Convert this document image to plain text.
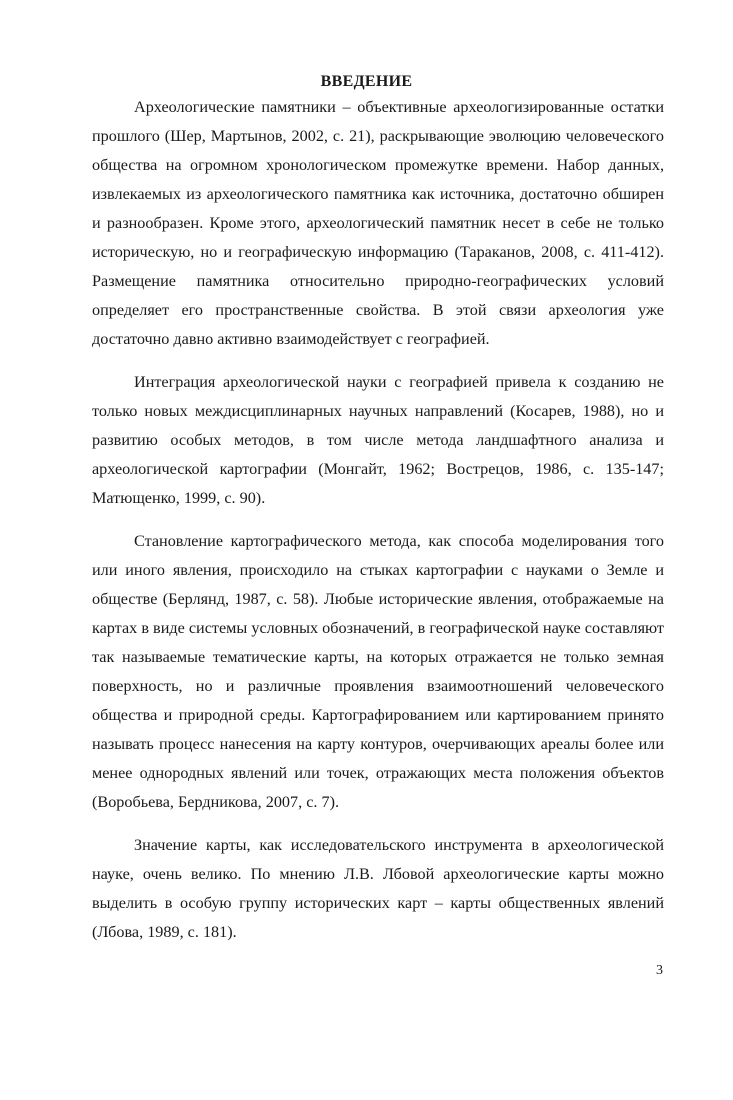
ВВЕДЕНИЕ

Археологические памятники – объективные археологизированные остатки прошлого (Шер, Мартынов, 2002, с. 21), раскрывающие эволюцию человеческого общества на огромном хронологическом промежутке времени. Набор данных, извлекаемых из археологического памятника как источника, достаточно обширен и разнообразен. Кроме этого, археологический памятник несет в себе не только историческую, но и географическую информацию (Тараканов, 2008, с. 411-412). Размещение памятника относительно природно-географических условий определяет его пространственные свойства. В этой связи археология уже достаточно давно активно взаимодействует с географией.

Интеграция археологической науки с географией привела к созданию не только новых междисциплинарных научных направлений (Косарев, 1988), но и развитию особых методов, в том числе метода ландшафтного анализа и археологической картографии (Монгайт, 1962; Вострецов, 1986, с. 135-147; Матющенко, 1999, с. 90).

Становление картографического метода, как способа моделирования того или иного явления, происходило на стыках картографии с науками о Земле и обществе (Берлянд, 1987, с. 58). Любые исторические явления, отображаемые на картах в виде системы условных обозначений, в географической науке составляют так называемые тематические карты, на которых отражается не только земная поверхность, но и различные проявления взаимоотношений человеческого общества и природной среды. Картографированием или картированием принято называть процесс нанесения на карту контуров, очерчивающих ареалы более или менее однородных явлений или точек, отражающих места положения объектов (Воробьева, Бердникова, 2007, с. 7).

Значение карты, как исследовательского инструмента в археологической науке, очень велико. По мнению Л.В. Лбовой археологические карты можно выделить в особую группу исторических карт – карты общественных явлений (Лбова, 1989, с. 181).

3
